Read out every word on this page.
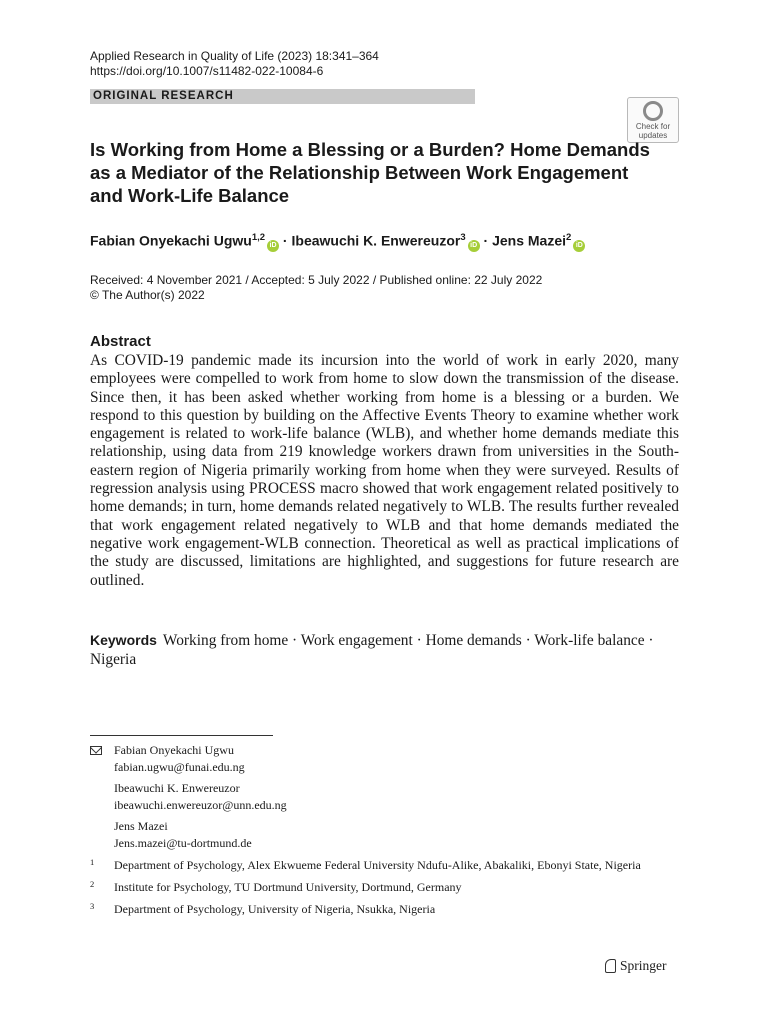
Applied Research in Quality of Life (2023) 18:341–364
https://doi.org/10.1007/s11482-022-10084-6
ORIGINAL RESEARCH
Check for
updates
Is Working from Home a Blessing or a Burden? Home Demands as a Mediator of the Relationship Between Work Engagement and Work-Life Balance
Fabian Onyekachi Ugwu$^{1,2}$iD · Ibeawuchi K. Enwereuzor$^3$iD · Jens Mazei$^2$iD
Received: 4 November 2021 / Accepted: 5 July 2022 / Published online: 22 July 2022
© The Author(s) 2022
Abstract

As COVID-19 pandemic made its incursion into the world of work in early 2020, many employees were compelled to work from home to slow down the transmission of the disease. Since then, it has been asked whether working from home is a blessing or a burden. We respond to this question by building on the Affective Events Theory to examine whether work engagement is related to work-life balance (WLB), and whether home demands mediate this relationship, using data from 219 knowledge workers drawn from universities in the South-eastern region of Nigeria primarily working from home when they were surveyed. Results of regression analysis using PROCESS macro showed that work engagement related positively to home demands; in turn, home demands related negatively to WLB. The results further revealed that work engagement related negatively to WLB and that home demands mediated the negative work engagement-WLB connection. Theoretical as well as practical implications of the study are discussed, limitations are highlighted, and suggestions for future research are outlined.

Keywords Working from home · Work engagement · Home demands · Work-life balance · Nigeria
Fabian Onyekachi Ugwu
fabian.ugwu@funai.edu.ng
Ibeawuchi K. Enwereuzor
ibeawuchi.enwereuzor@unn.edu.ng
Jens Mazei
Jens.mazei@tu-dortmund.de
1 Department of Psychology, Alex Ekwueme Federal University Ndufu-Alike, Abakaliki, Ebonyi State, Nigeria
2 Institute for Psychology, TU Dortmund University, Dortmund, Germany
3 Department of Psychology, University of Nigeria, Nsukka, Nigeria
Springer
